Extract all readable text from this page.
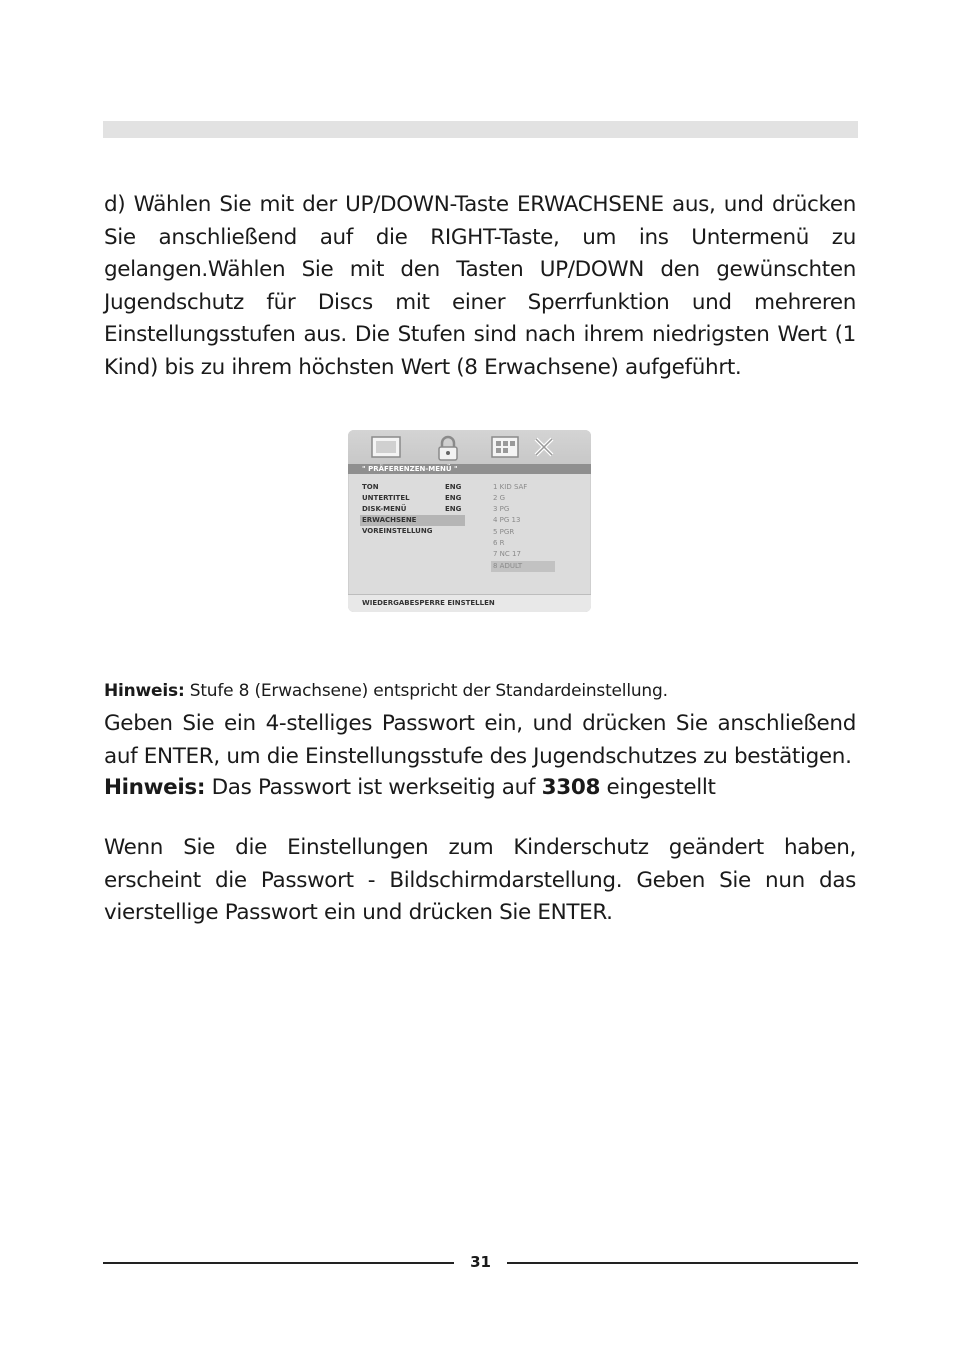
d) Wählen Sie mit der UP/DOWN-Taste ERWACHSENE aus, und drücken Sie anschließend auf die RIGHT-Taste, um ins Untermenü zu gelangen.Wählen Sie mit den Tasten UP/DOWN den gewünschten Jugendschutz für Discs mit einer Sperrfunktion und mehreren Einstellungsstufen aus. Die Stufen sind nach ihrem niedrigsten Wert (1 Kind) bis zu ihrem höchsten Wert (8 Erwachsene) aufgeführt.

" PRÄFERENZEN-MENÜ "
TON	ENG
UNTERTITEL	ENG
DISK-MENÜ	ENG
ERWACHSENE
VOREINSTELLUNG
1 KID SAF
2 G
3 PG
4 PG 13
5 PGR
6 R
7 NC 17
8 ADULT
WIEDERGABESPERRE EINSTELLEN

Hinweis: Stufe 8 (Erwachsene) entspricht der Standardeinstellung.

Geben Sie ein 4-stelliges Passwort ein, und drücken Sie anschließend auf ENTER, um die Einstellungsstufe des Jugendschutzes zu bestätigen.

Hinweis: Das Passwort ist werkseitig auf 3308 eingestellt

Wenn Sie die Einstellungen zum Kinderschutz geändert haben, erscheint die Passwort - Bildschirmdarstellung. Geben Sie nun das vierstellige Passwort ein und drücken Sie ENTER.

31
